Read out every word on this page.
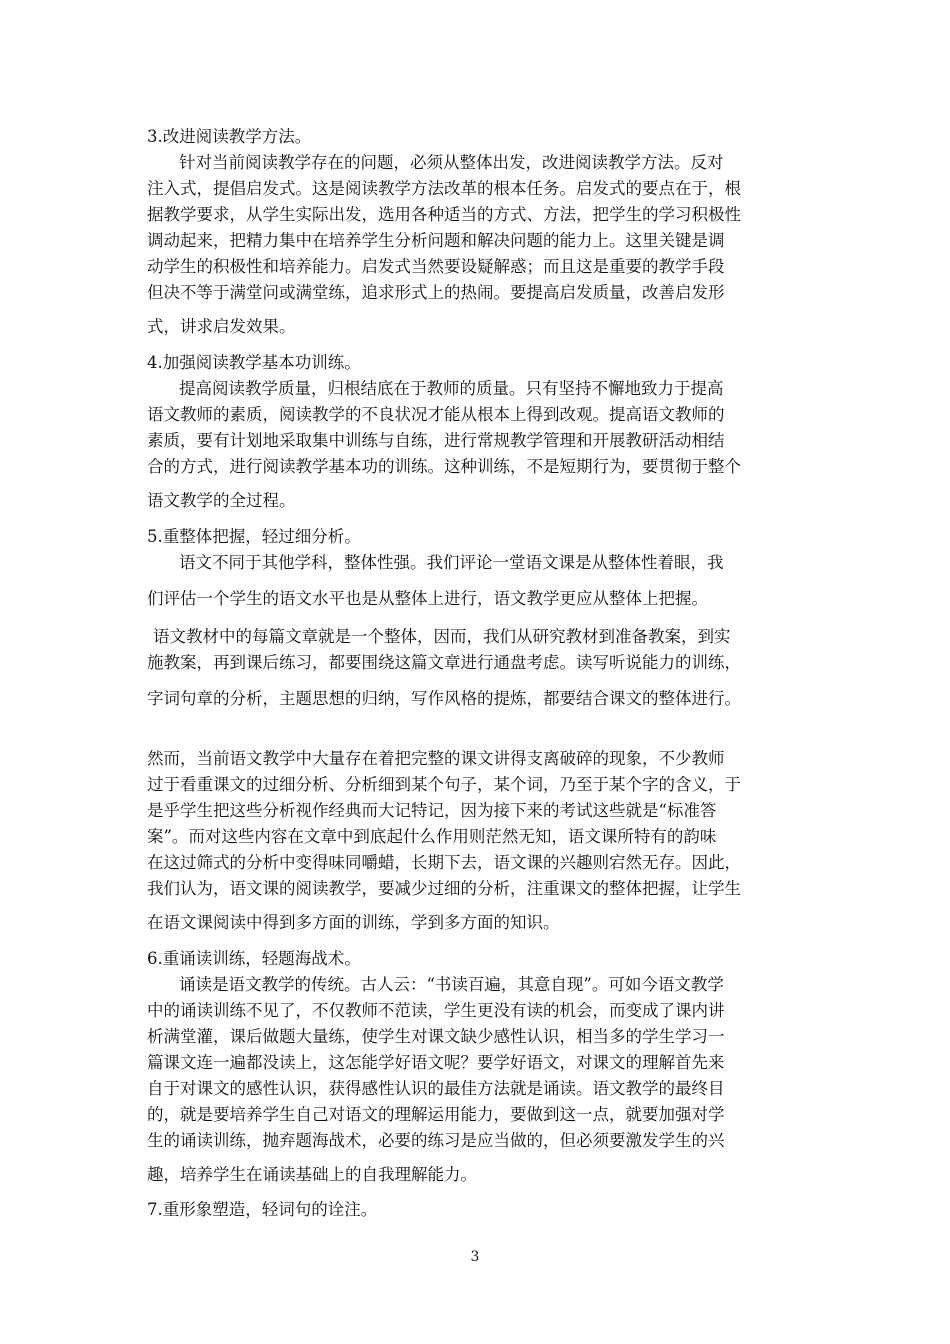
3.改进阅读教学方法。
针对当前阅读教学存在的问题，必须从整体出发，改进阅读教学方法。反对
注入式，提倡启发式。这是阅读教学方法改革的根本任务。启发式的要点在于，根
据教学要求，从学生实际出发，选用各种适当的方式、方法，把学生的学习积极性
调动起来，把精力集中在培养学生分析问题和解决问题的能力上。这里关键是调
动学生的积极性和培养能力。启发式当然要设疑解惑；而且这是重要的教学手段
但决不等于满堂问或满堂练，追求形式上的热闹。要提高启发质量，改善启发形
式，讲求启发效果。
4.加强阅读教学基本功训练。
提高阅读教学质量，归根结底在于教师的质量。只有坚持不懈地致力于提高
语文教师的素质，阅读教学的不良状况才能从根本上得到改观。提高语文教师的
素质，要有计划地采取集中训练与自练，进行常规教学管理和开展教研活动相结
合的方式，进行阅读教学基本功的训练。这种训练，不是短期行为，要贯彻于整个
语文教学的全过程。
5.重整体把握，轻过细分析。
语文不同于其他学科，整体性强。我们评论一堂语文课是从整体性着眼，我
们评估一个学生的语文水平也是从整体上进行，语文教学更应从整体上把握。
语文教材中的每篇文章就是一个整体，因而，我们从研究教材到准备教案，到实
施教案，再到课后练习，都要围绕这篇文章进行通盘考虑。读写听说能力的训练，
字词句章的分析，主题思想的归纳，写作风格的提炼，都要结合课文的整体进行。
然而，当前语文教学中大量存在着把完整的课文讲得支离破碎的现象，不少教师
过于看重课文的过细分析、分析细到某个句子，某个词，乃至于某个字的含义，于
是乎学生把这些分析视作经典而大记特记，因为接下来的考试这些就是“标准答
案”。而对这些内容在文章中到底起什么作用则茫然无知，语文课所特有的韵味
在这过筛式的分析中变得味同嚼蜡，长期下去，语文课的兴趣则宕然无存。因此，
我们认为，语文课的阅读教学，要减少过细的分析，注重课文的整体把握，让学生
在语文课阅读中得到多方面的训练，学到多方面的知识。
6.重诵读训练，轻题海战术。
诵读是语文教学的传统。古人云：“书读百遍，其意自现”。可如今语文教学
中的诵读训练不见了，不仅教师不范读，学生更没有读的机会，而变成了课内讲
析满堂灌，课后做题大量练，使学生对课文缺少感性认识，相当多的学生学习一
篇课文连一遍都没读上，这怎能学好语文呢？要学好语文，对课文的理解首先来
自于对课文的感性认识，获得感性认识的最佳方法就是诵读。语文教学的最终目
的，就是要培养学生自己对语文的理解运用能力，要做到这一点，就要加强对学
生的诵读训练，抛弃题海战术，必要的练习是应当做的，但必须要激发学生的兴
趣，培养学生在诵读基础上的自我理解能力。
7.重形象塑造，轻词句的诠注。
3
